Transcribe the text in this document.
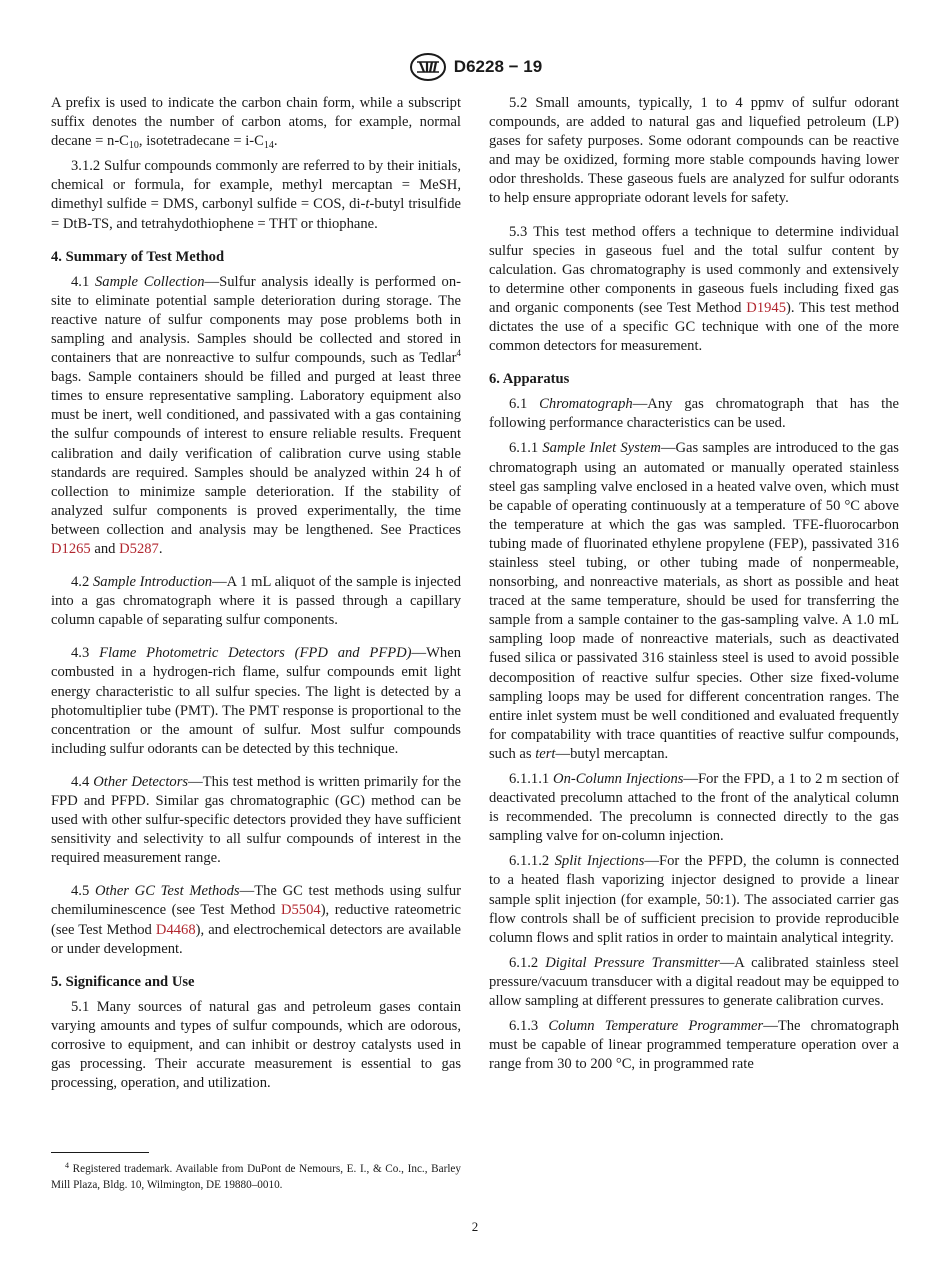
D6228 − 19

A prefix is used to indicate the carbon chain form, while a subscript suffix denotes the number of carbon atoms, for example, normal decane = $n-C_{10}$, isotetradecane = $i-C_{14}$.

3.1.2 Sulfur compounds commonly are referred to by their initials, chemical or formula, for example, methyl mercaptan = MeSH, dimethyl sulfide = DMS, carbonyl sulfide = COS, di-t-butyl trisulfide = DtB-TS, and tetrahydothiophene = THT or thiophane.

4. Summary of Test Method

4.1 Sample Collection—Sulfur analysis ideally is performed on-site to eliminate potential sample deterioration during storage. The reactive nature of sulfur components may pose problems both in sampling and analysis. Samples should be collected and stored in containers that are nonreactive to sulfur compounds, such as Tedlar$^4$ bags. Sample containers should be filled and purged at least three times to ensure representative sampling. Laboratory equipment also must be inert, well conditioned, and passivated with a gas containing the sulfur compounds of interest to ensure reliable results. Frequent calibration and daily verification of calibration curve using stable standards are required. Samples should be analyzed within 24 h of collection to minimize sample deterioration. If the stability of analyzed sulfur components is proved experimentally, the time between collection and analysis may be lengthened. See Practices D1265 and D5287.

4.2 Sample Introduction—A 1 mL aliquot of the sample is injected into a gas chromatograph where it is passed through a capillary column capable of separating sulfur components.

4.3 Flame Photometric Detectors (FPD and PFPD)—When combusted in a hydrogen-rich flame, sulfur compounds emit light energy characteristic to all sulfur species. The light is detected by a photomultiplier tube (PMT). The PMT response is proportional to the concentration or the amount of sulfur. Most sulfur compounds including sulfur odorants can be detected by this technique.

4.4 Other Detectors—This test method is written primarily for the FPD and PFPD. Similar gas chromatographic (GC) method can be used with other sulfur-specific detectors provided they have sufficient sensitivity and selectivity to all sulfur compounds of interest in the required measurement range.

4.5 Other GC Test Methods—The GC test methods using sulfur chemiluminescence (see Test Method D5504), reductive rateometric (see Test Method D4468), and electrochemical detectors are available or under development.

5. Significance and Use

5.1 Many sources of natural gas and petroleum gases contain varying amounts and types of sulfur compounds, which are odorous, corrosive to equipment, and can inhibit or destroy catalysts used in gas processing. Their accurate measurement is essential to gas processing, operation, and utilization.

5.2 Small amounts, typically, 1 to 4 ppmv of sulfur odorant compounds, are added to natural gas and liquefied petroleum (LP) gases for safety purposes. Some odorant compounds can be reactive and may be oxidized, forming more stable compounds having lower odor thresholds. These gaseous fuels are analyzed for sulfur odorants to help ensure appropriate odorant levels for safety.

5.3 This test method offers a technique to determine individual sulfur species in gaseous fuel and the total sulfur content by calculation. Gas chromatography is used commonly and extensively to determine other components in gaseous fuels including fixed gas and organic components (see Test Method D1945). This test method dictates the use of a specific GC technique with one of the more common detectors for measurement.

6. Apparatus

6.1 Chromatograph—Any gas chromatograph that has the following performance characteristics can be used.

6.1.1 Sample Inlet System—Gas samples are introduced to the gas chromatograph using an automated or manually operated stainless steel gas sampling valve enclosed in a heated valve oven, which must be capable of operating continuously at a temperature of 50 °C above the temperature at which the gas was sampled. TFE-fluorocarbon tubing made of fluorinated ethylene propylene (FEP), passivated 316 stainless steel tubing, or other tubing made of nonpermeable, nonsorbing, and nonreactive materials, as short as possible and heat traced at the same temperature, should be used for transferring the sample from a sample container to the gas-sampling valve. A 1.0 mL sampling loop made of nonreactive materials, such as deactivated fused silica or passivated 316 stainless steel is used to avoid possible decomposition of reactive sulfur species. Other size fixed-volume sampling loops may be used for different concentration ranges. The entire inlet system must be well conditioned and evaluated frequently for compatability with trace quantities of reactive sulfur compounds, such as tert—butyl mercaptan.

6.1.1.1 On-Column Injections—For the FPD, a 1 to 2 m section of deactivated precolumn attached to the front of the analytical column is recommended. The precolumn is connected directly to the gas sampling valve for on-column injection.

6.1.1.2 Split Injections—For the PFPD, the column is connected to a heated flash vaporizing injector designed to provide a linear sample split injection (for example, 50:1). The associated carrier gas flow controls shall be of sufficient precision to provide reproducible column flows and split ratios in order to maintain analytical integrity.

6.1.2 Digital Pressure Transmitter—A calibrated stainless steel pressure/vacuum transducer with a digital readout may be equipped to allow sampling at different pressures to generate calibration curves.

6.1.3 Column Temperature Programmer—The chromatograph must be capable of linear programmed temperature operation over a range from 30 to 200 °C, in programmed rate

$^4$ Registered trademark. Available from DuPont de Nemours, E. I., & Co., Inc., Barley Mill Plaza, Bldg. 10, Wilmington, DE 19880–0010.
2
